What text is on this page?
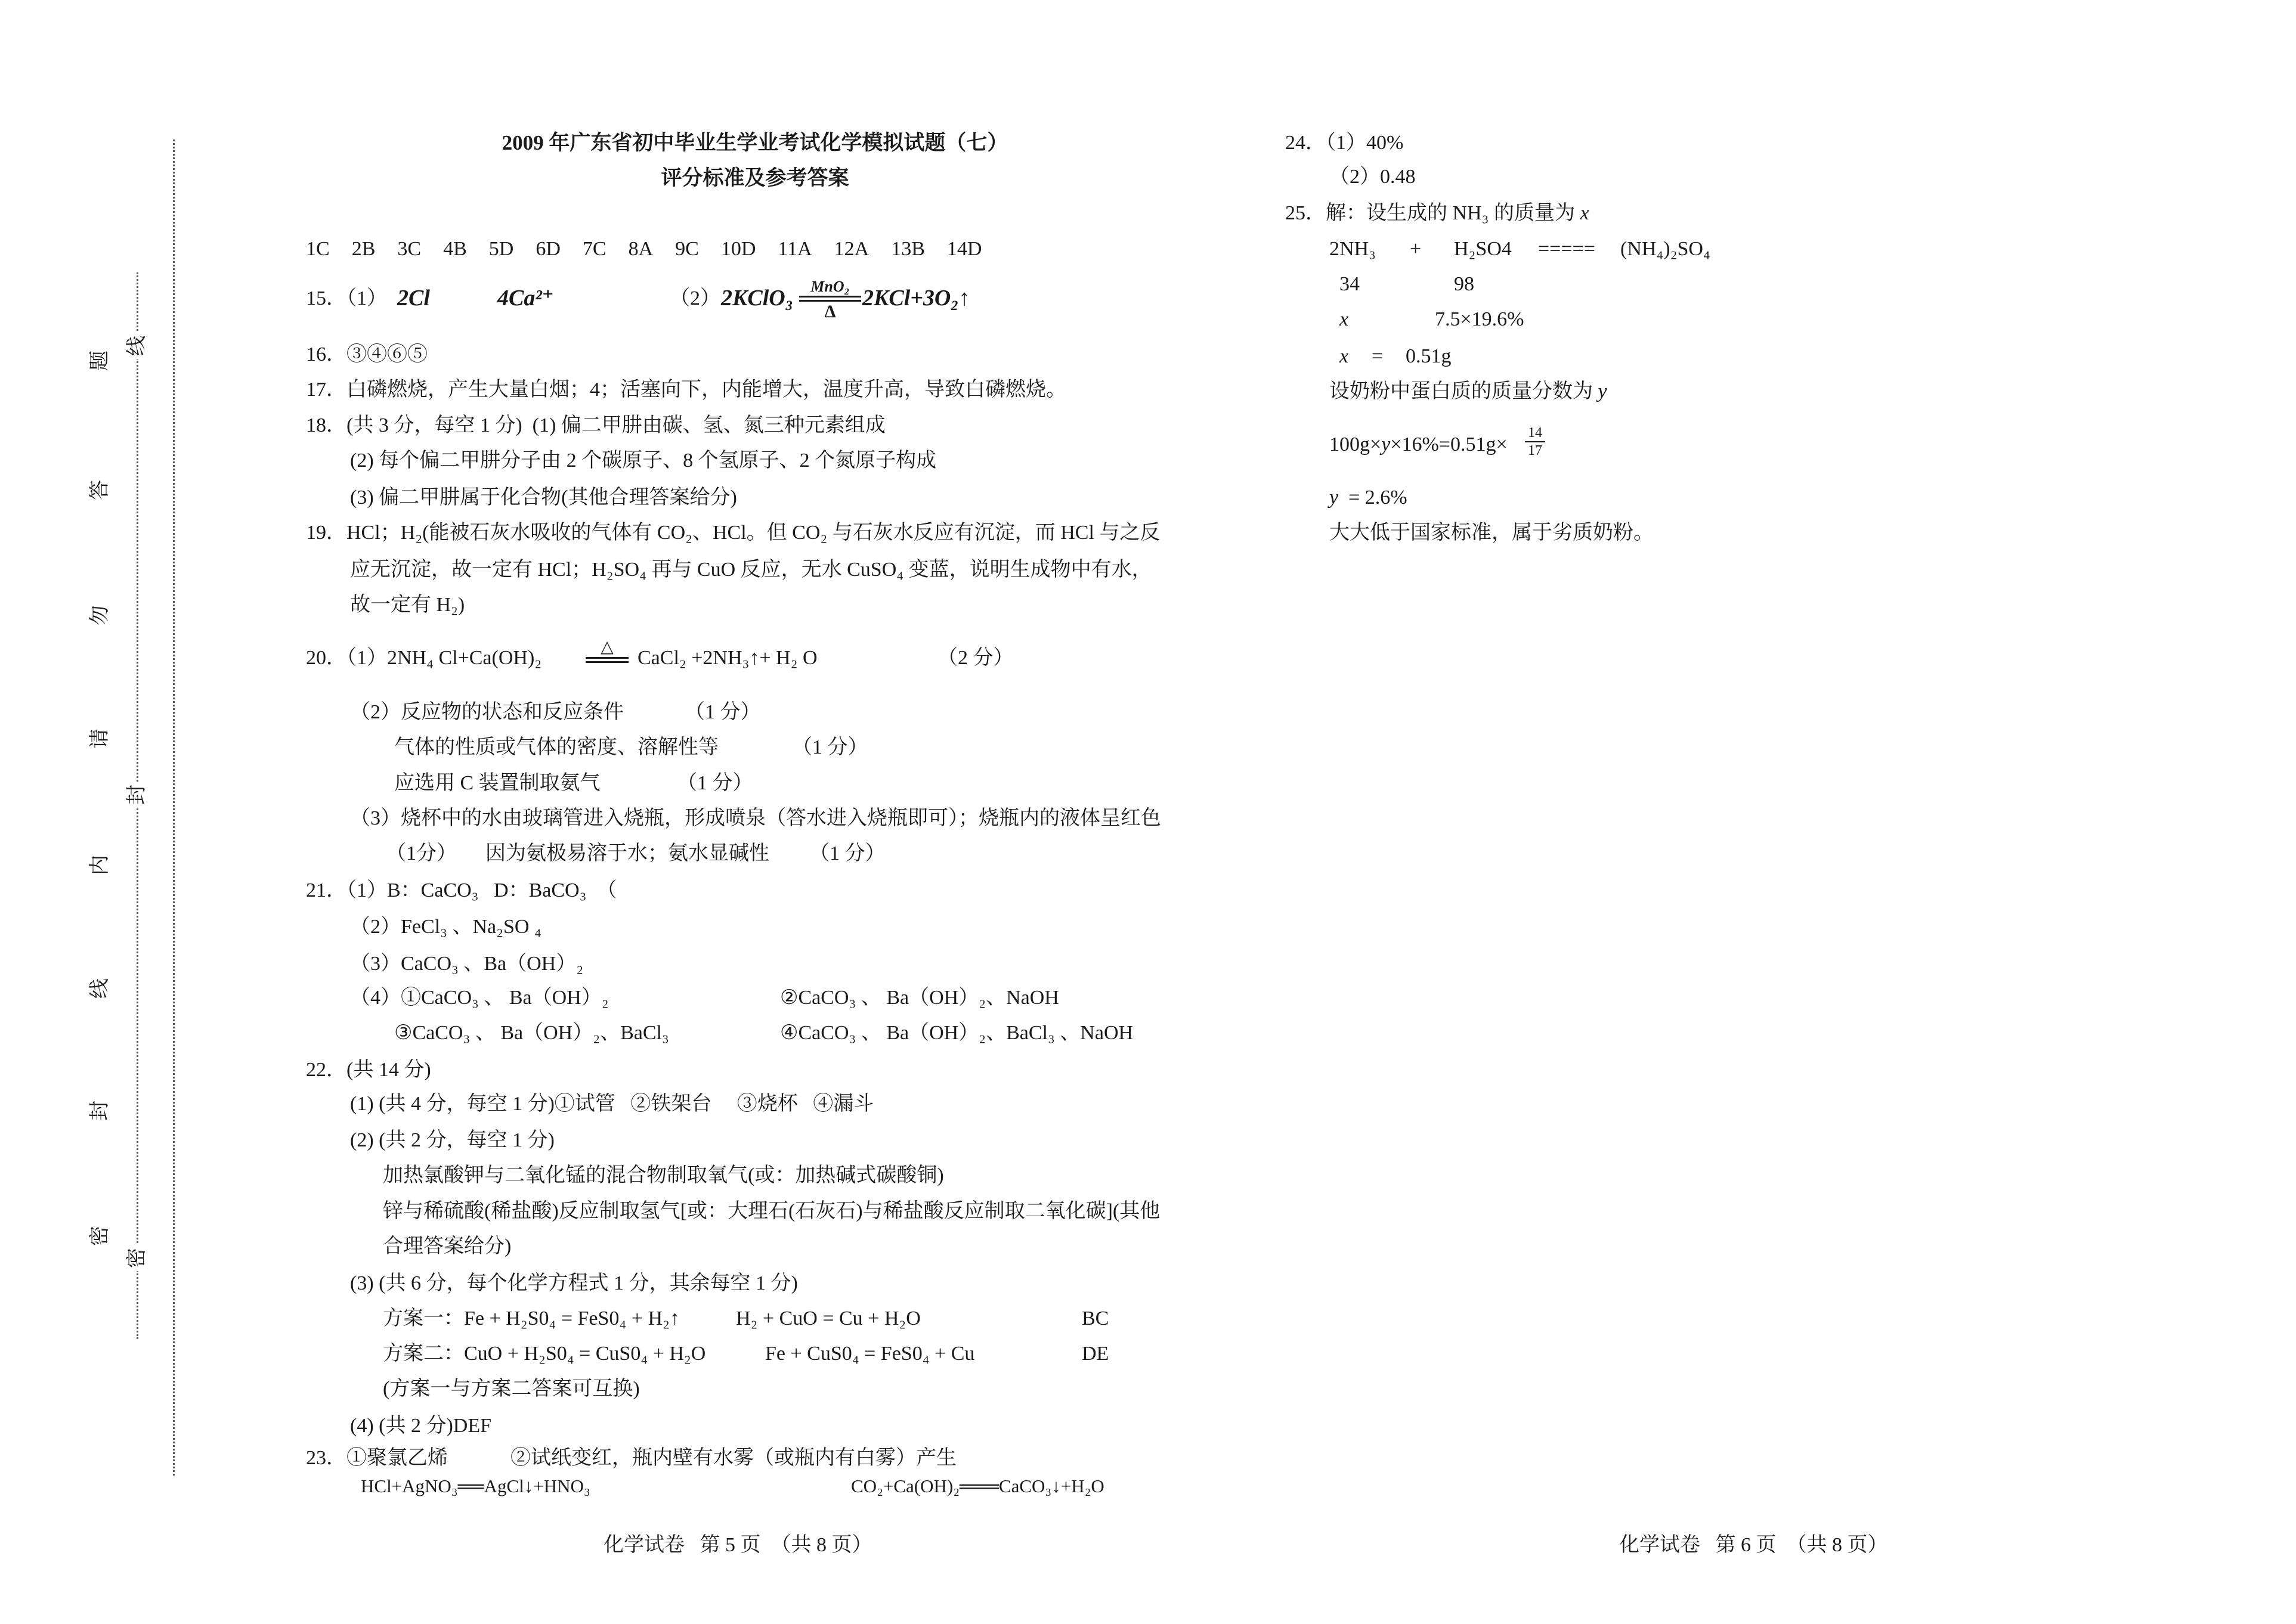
题
答
勿
请
内
线
封
密
线
封
密
2009 年广东省初中毕业生学业考试化学模拟试题（七）
评分标准及参考答案
1C 2B 3C 4B 5D 6D 7C 8A 9C 10D 11A 12A 13B 14D
15．（1） 2Cl	4Ca²⁺	（2） 2KClO₃ MnO₂
Δ
2KCl+3O₂↑
16．③④⑥⑤
17．白磷燃烧，产生大量白烟；4；活塞向下，内能增大，温度升高，导致白磷燃烧。
18．(共 3 分，每空 1 分)  (1) 偏二甲肼由碳、氢、氮三种元素组成
(2) 每个偏二甲肼分子由 2 个碳原子、8 个氢原子、2 个氮原子构成
(3) 偏二甲肼属于化合物(其他合理答案给分)
19．HCl；H₂(能被石灰水吸收的气体有 CO₂、HCl。但 CO₂ 与石灰水反应有沉淀，而 HCl 与之反
应无沉淀，故一定有 HCl；H₂SO₄ 再与 CuO 反应，无水 CuSO₄ 变蓝，说明生成物中有水，
故一定有 H₂)
20．（1）2NH₄ Cl+Ca(OH)₂	△ CaCl₂ +2NH₃↑+ H₂ O	（2 分）
（2）反应物的状态和反应条件	（1 分）
气体的性质或气体的密度、溶解性等	（1 分）
应选用 C 装置制取氨气	（1 分）
（3）烧杯中的水由玻璃管进入烧瓶，形成喷泉（答水进入烧瓶即可）；烧瓶内的液体呈红色
（1分） 因为氨极易溶于水；氨水显碱性 （1 分）
21．（1）B：CaCO₃   D：BaCO₃  （
（2）FeCl₃ 、Na₂SO ₄
（3）CaCO₃ 、Ba（OH）₂
（4）①CaCO₃ 、 Ba（OH）₂	②CaCO₃ 、 Ba（OH）₂、NaOH
③CaCO₃ 、 Ba（OH）₂、BaCl₃	④CaCO₃ 、 Ba（OH）₂、BaCl₃ 、NaOH
22．(共 14 分)
(1) (共 4 分，每空 1 分)①试管   ②铁架台     ③烧杯   ④漏斗
(2) (共 2 分，每空 1 分)
加热氯酸钾与二氧化锰的混合物制取氧气(或：加热碱式碳酸铜)
锌与稀硫酸(稀盐酸)反应制取氢气[或：大理石(石灰石)与稀盐酸反应制取二氧化碳](其他
合理答案给分)
(3) (共 6 分，每个化学方程式 1 分，其余每空 1 分)
方案一：Fe + H₂S0₄ = FeS0₄ + H₂↑	H₂ + CuO = Cu + H₂O	BC
方案二：CuO + H₂S0₄ = CuS0₄ + H₂O	Fe + CuS0₄ = FeS0₄ + Cu	DE
(方案一与方案二答案可互换)
(4) (共 2 分)DEF
23．①聚氯乙烯	②试纸变红，瓶内壁有水雾（或瓶内有白雾）产生
HCl+AgNO₃══AgCl↓+HNO₃	CO₂+Ca(OH)₂═══CaCO₃↓+H₂O
化学试卷   第 5 页  （共 8 页）	化学试卷   第 6 页  （共 8 页）
24．（1）40%
（2）0.48
25．解：设生成的 NH₃ 的质量为 x
2NH₃ + H₂SO4 ===== (NH₄)₂SO₄
34	98
x	7.5×19.6%
x = 0.51g
设奶粉中蛋白质的质量分数为 y
100g×y×16%=0.51g×
14
17
y  = 2.6%
大大低于国家标准，属于劣质奶粉。
